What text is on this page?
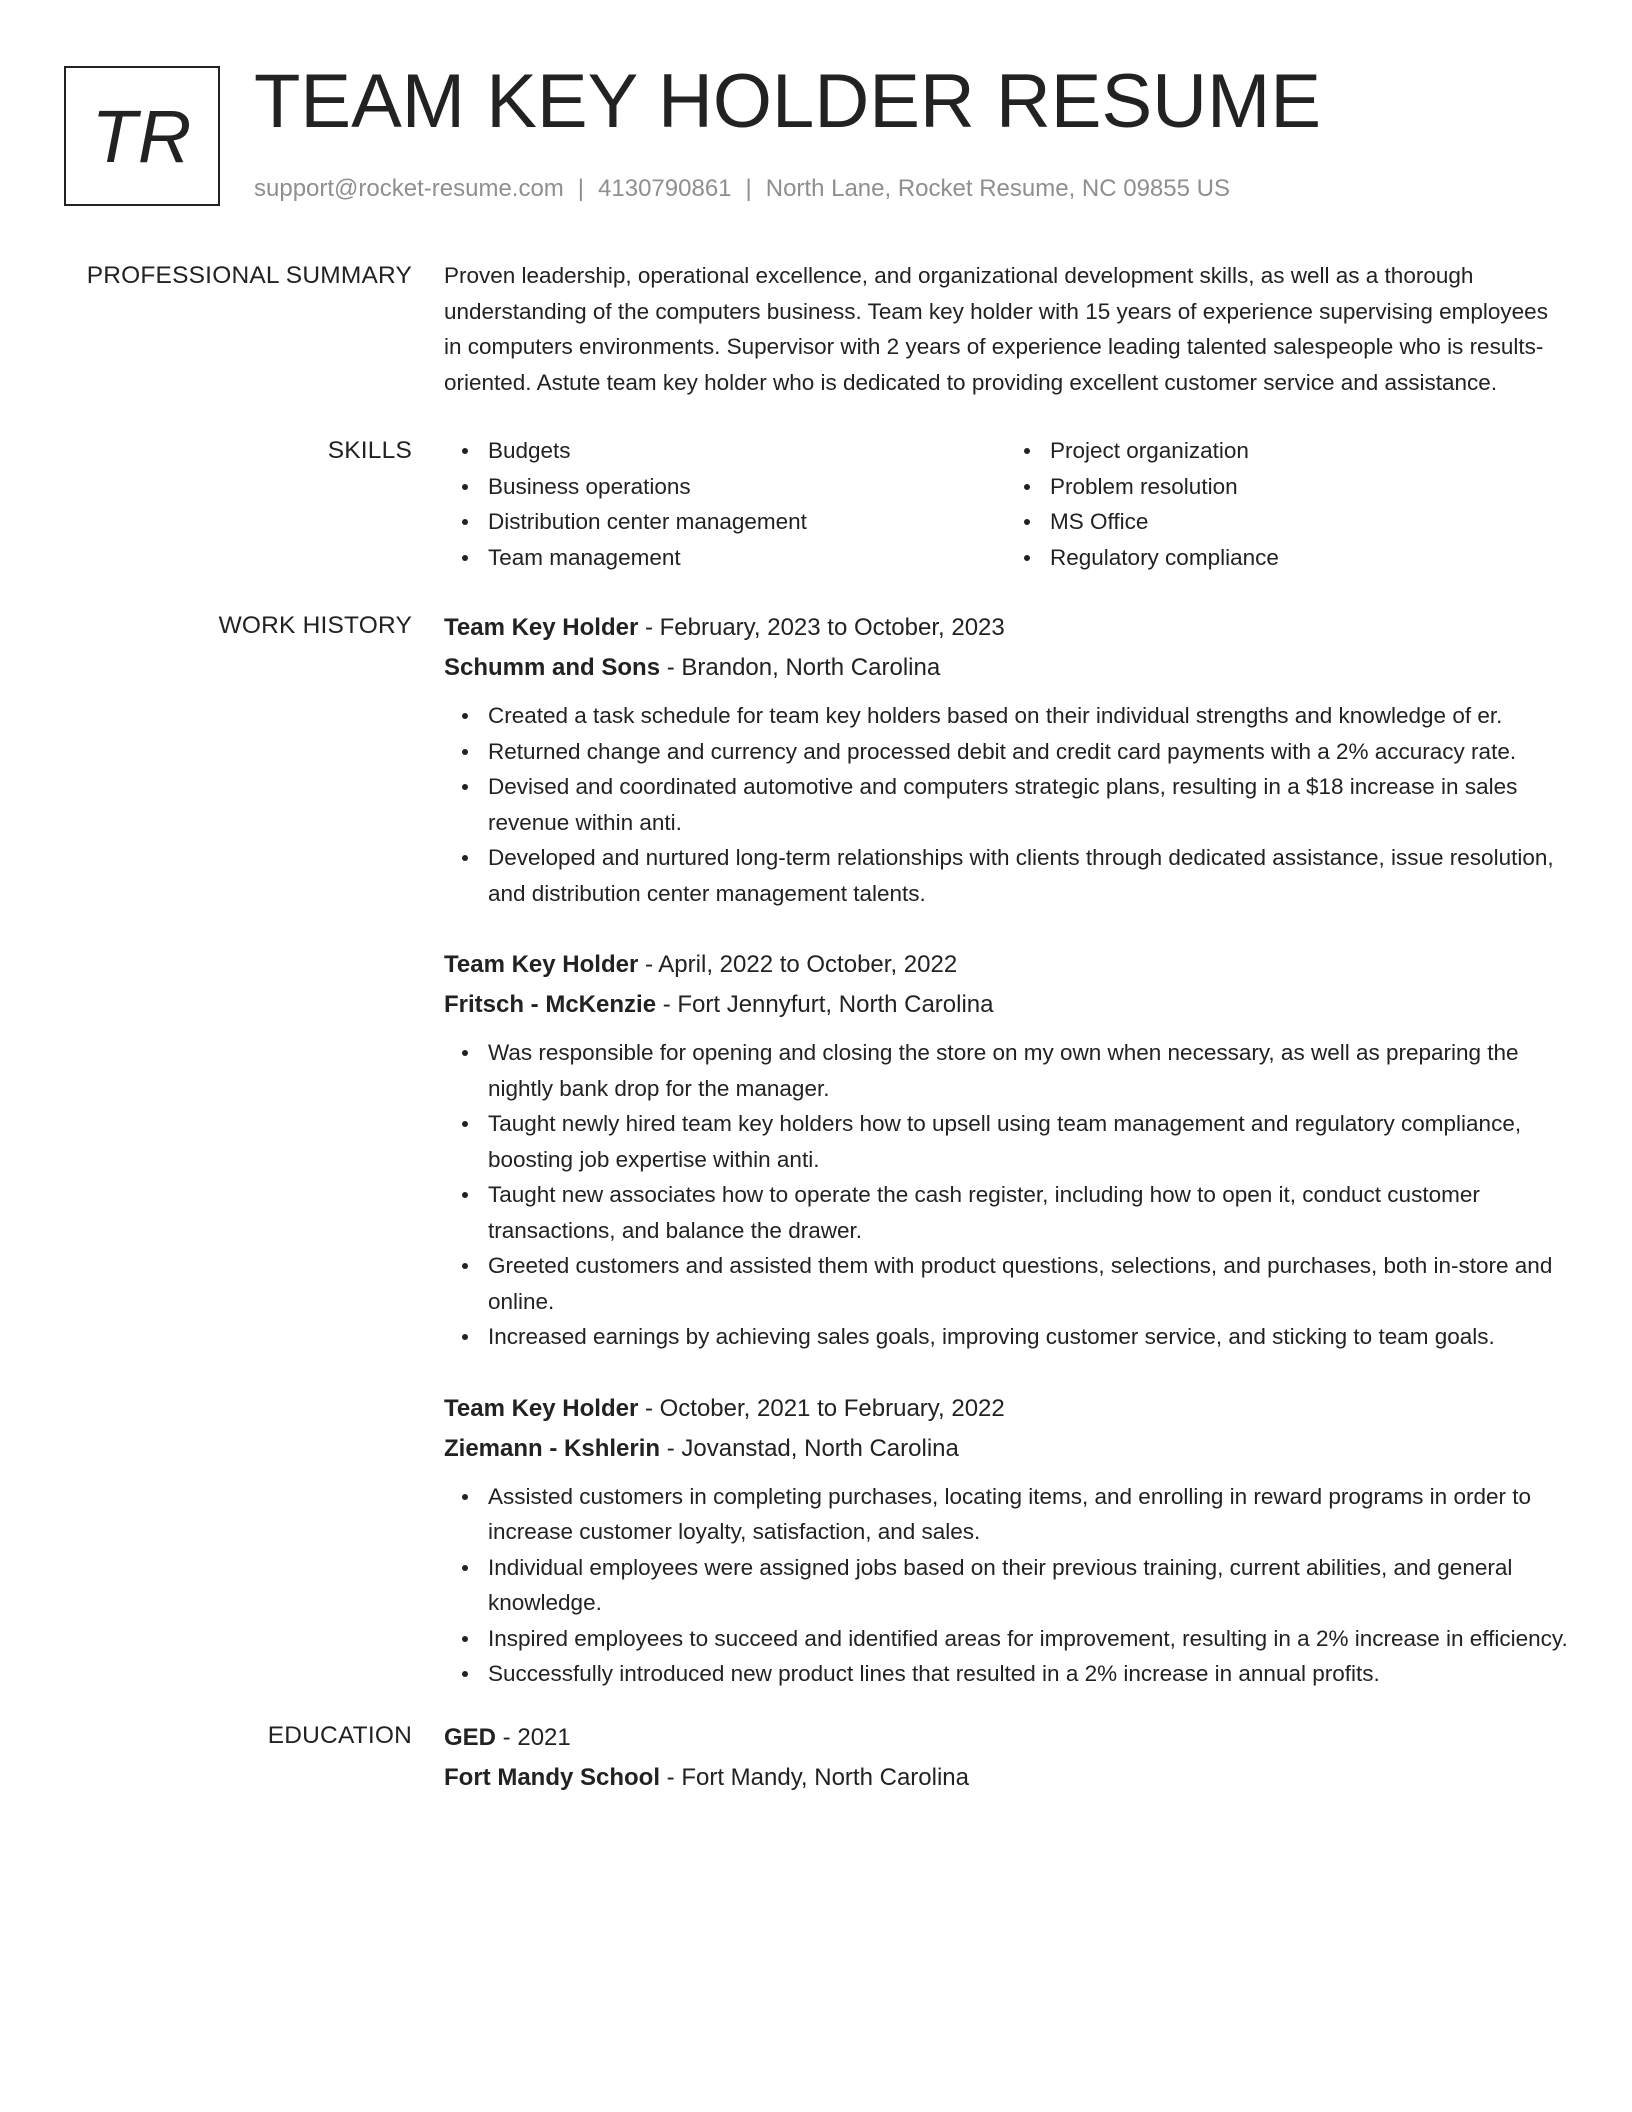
TR TEAM KEY HOLDER RESUME
support@rocket-resume.com | 4130790861 | North Lane, Rocket Resume, NC 09855 US
PROFESSIONAL SUMMARY Proven leadership, operational excellence, and organizational development skills, as well as a thorough understanding of the computers business. Team key holder with 15 years of experience supervising employees in computers environments. Supervisor with 2 years of experience leading talented salespeople who is results-oriented. Astute team key holder who is dedicated to providing excellent customer service and assistance.
SKILLS	Budgets
Business operations
Distribution center management
Team management
Project organization
Problem resolution
MS Office
Regulatory compliance
WORK HISTORY Team Key Holder - February, 2023 to October, 2023
Schumm and Sons - Brandon, North Carolina
Created a task schedule for team key holders based on their individual strengths and knowledge of er.
Returned change and currency and processed debit and credit card payments with a 2% accuracy rate.
Devised and coordinated automotive and computers strategic plans, resulting in a $18 increase in sales revenue within anti.
Developed and nurtured long-term relationships with clients through dedicated assistance, issue resolution, and distribution center management talents.
Team Key Holder - April, 2022 to October, 2022
Fritsch - McKenzie - Fort Jennyfurt, North Carolina
Was responsible for opening and closing the store on my own when necessary, as well as preparing the nightly bank drop for the manager.
Taught newly hired team key holders how to upsell using team management and regulatory compliance, boosting job expertise within anti.
Taught new associates how to operate the cash register, including how to open it, conduct customer transactions, and balance the drawer.
Greeted customers and assisted them with product questions, selections, and purchases, both in-store and online.
Increased earnings by achieving sales goals, improving customer service, and sticking to team goals.
Team Key Holder - October, 2021 to February, 2022
Ziemann - Kshlerin - Jovanstad, North Carolina
Assisted customers in completing purchases, locating items, and enrolling in reward programs in order to increase customer loyalty, satisfaction, and sales.
Individual employees were assigned jobs based on their previous training, current abilities, and general knowledge.
Inspired employees to succeed and identified areas for improvement, resulting in a 2% increase in efficiency.
Successfully introduced new product lines that resulted in a 2% increase in annual profits.
EDUCATION GED - 2021
Fort Mandy School - Fort Mandy, North Carolina
